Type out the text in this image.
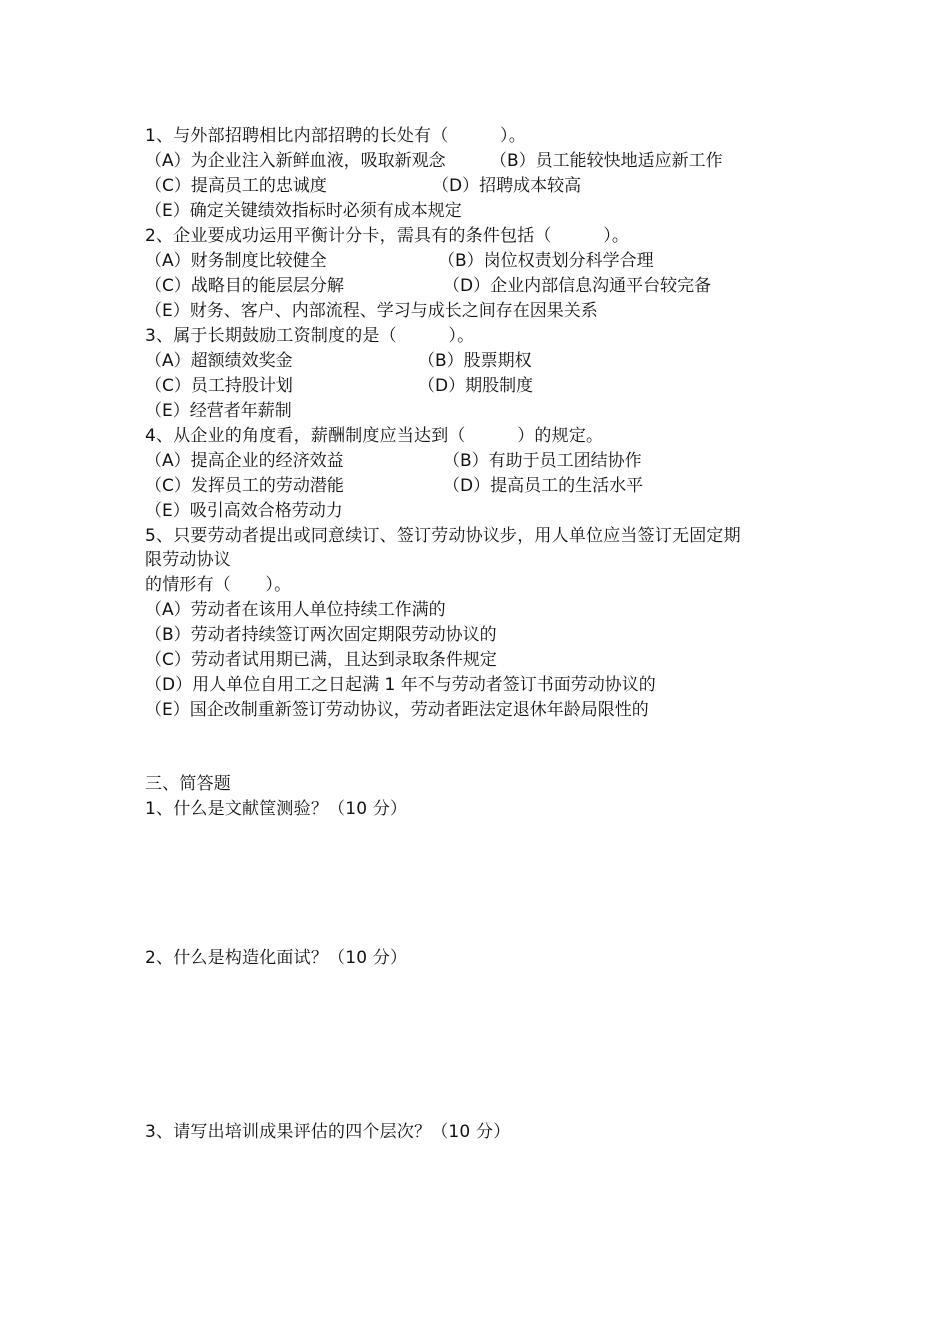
1、与外部招聘相比内部招聘的长处有（　　　）。
（A）为企业注入新鲜血液，吸取新观念	（B）员工能较快地适应新工作
（C）提高员工的忠诚度	（D）招聘成本较高
（E）确定关键绩效指标时必须有成本规定
2、企业要成功运用平衡计分卡，需具有的条件包括（　　　）。
（A）财务制度比较健全	（B）岗位权责划分科学合理
（C）战略目的能层层分解	（D）企业内部信息沟通平台较完备
（E）财务、客户、内部流程、学习与成长之间存在因果关系
3、属于长期鼓励工资制度的是（　　　）。
（A）超额绩效奖金	（B）股票期权
（C）员工持股计划	（D）期股制度
（E）经营者年薪制
4、从企业的角度看，薪酬制度应当达到（　　　）的规定。
（A）提高企业的经济效益	（B）有助于员工团结协作
（C）发挥员工的劳动潜能	（D）提高员工的生活水平
（E）吸引高效合格劳动力
5、只要劳动者提出或同意续订、签订劳动协议步，用人单位应当签订无固定期
限劳动协议
的情形有（　　）。
（A）劳动者在该用人单位持续工作满的
（B）劳动者持续签订两次固定期限劳动协议的
（C）劳动者试用期已满，且达到录取条件规定
（D）用人单位自用工之日起满 1 年不与劳动者签订书面劳动协议的
（E）国企改制重新签订劳动协议，劳动者距法定退休年龄局限性的
三、简答题
1、什么是文献筐测验？（10 分）
2、什么是构造化面试？（10 分）
3、请写出培训成果评估的四个层次？（10 分）
